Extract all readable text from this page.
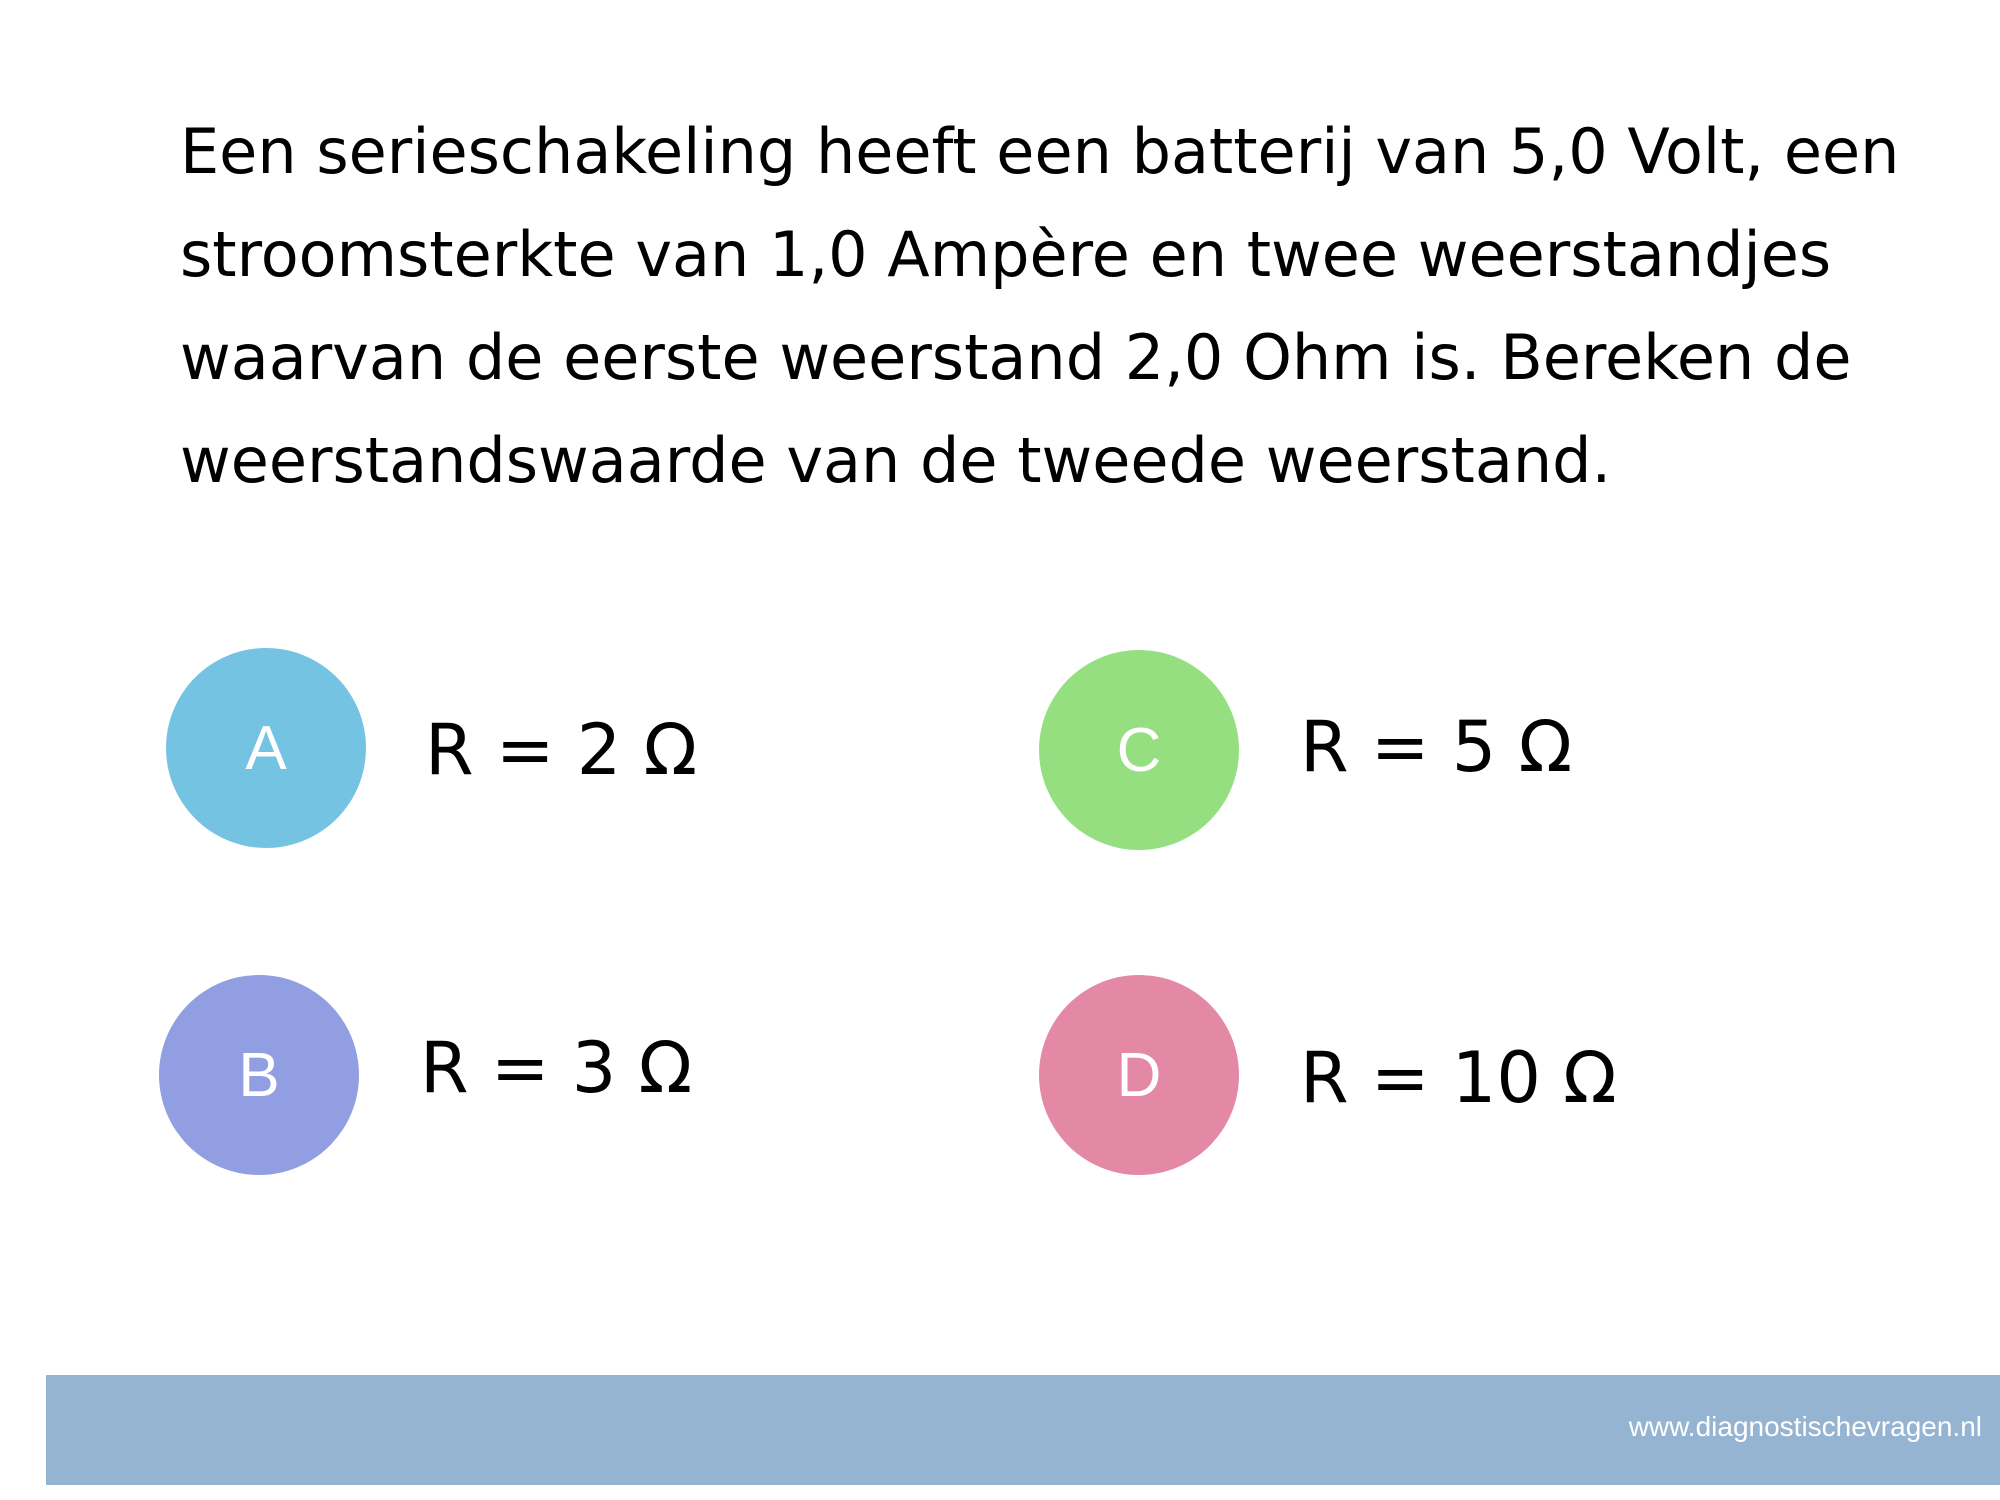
Een serieschakeling heeft een batterij van 5,0 Volt, een stroomsterkte van 1,0 Ampère en twee weerstandjes waarvan de eerste weerstand 2,0 Ohm is. Bereken de weerstandswaarde van de tweede weerstand.

A	R = 2 Ω	C	R = 5 Ω
B	R = 3 Ω	D	R = 10 Ω
www.diagnostischevragen.nl
